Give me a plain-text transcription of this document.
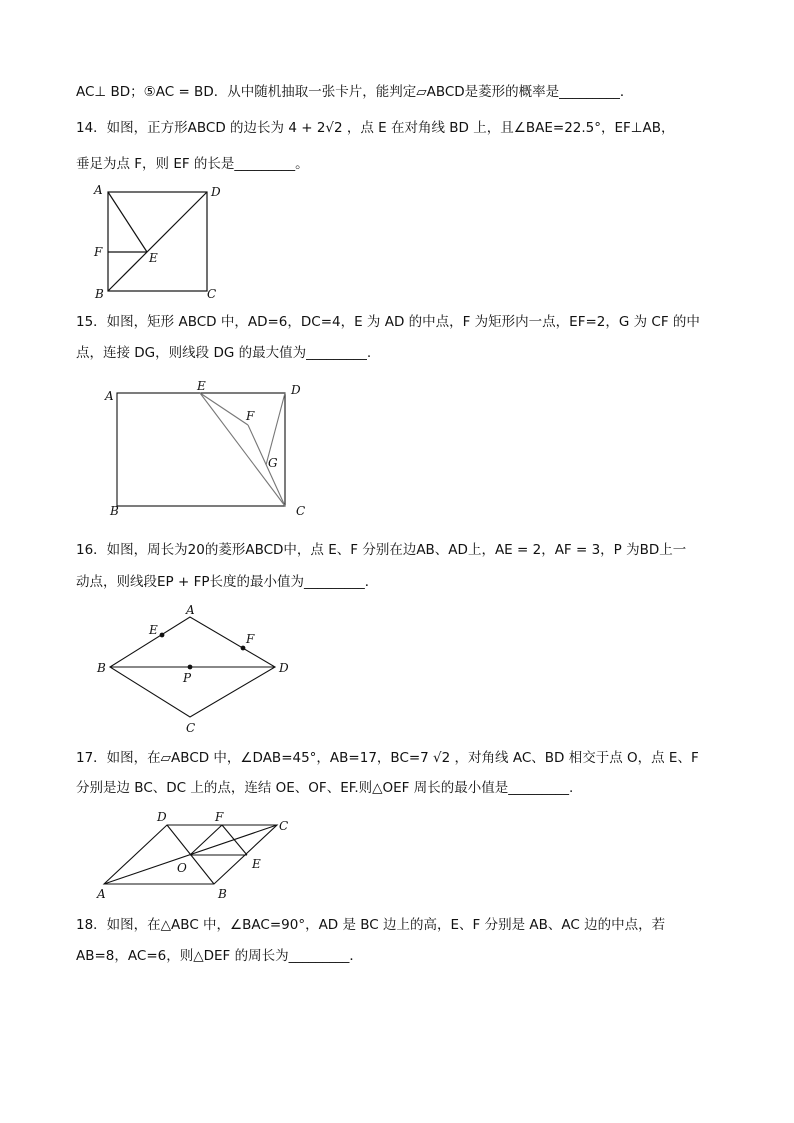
AC⊥ BD；⑤AC = BD．从中随机抽取一张卡片，能判定▱ABCD是菱形的概率是_________．
14．如图，正方形ABCD 的边长为 4 + 2√2 ，点 E 在对角线 BD 上，且∠BAE=22.5°，EF⊥AB，
垂足为点 F，则 EF 的长是_________。
A	D
F	E
B	C
A
E	D
F
G
B	C
A
E
F
B
P
D
C
D	F
C
O	E
A	B
15．如图，矩形 ABCD 中，AD=6，DC=4，E 为 AD 的中点，F 为矩形内一点，EF=2，G 为 CF 的中
点，连接 DG，则线段 DG 的最大值为_________.
16．如图，周长为20的菱形ABCD中，点 E、F 分别在边AB、AD上，AE = 2，AF = 3，P 为BD上一
动点，则线段EP + FP长度的最小值为_________．
17．如图，在▱ABCD 中，∠DAB=45°，AB=17，BC=7 √2 ，对角线 AC、BD 相交于点 O，点 E、F
分别是边 BC、DC 上的点，连结 OE、OF、EF.则△OEF 周长的最小值是_________.
18．如图，在△ABC 中，∠BAC=90°，AD 是 BC 边上的高，E、F 分别是 AB、AC 边的中点，若
AB=8，AC=6，则△DEF 的周长为_________．
